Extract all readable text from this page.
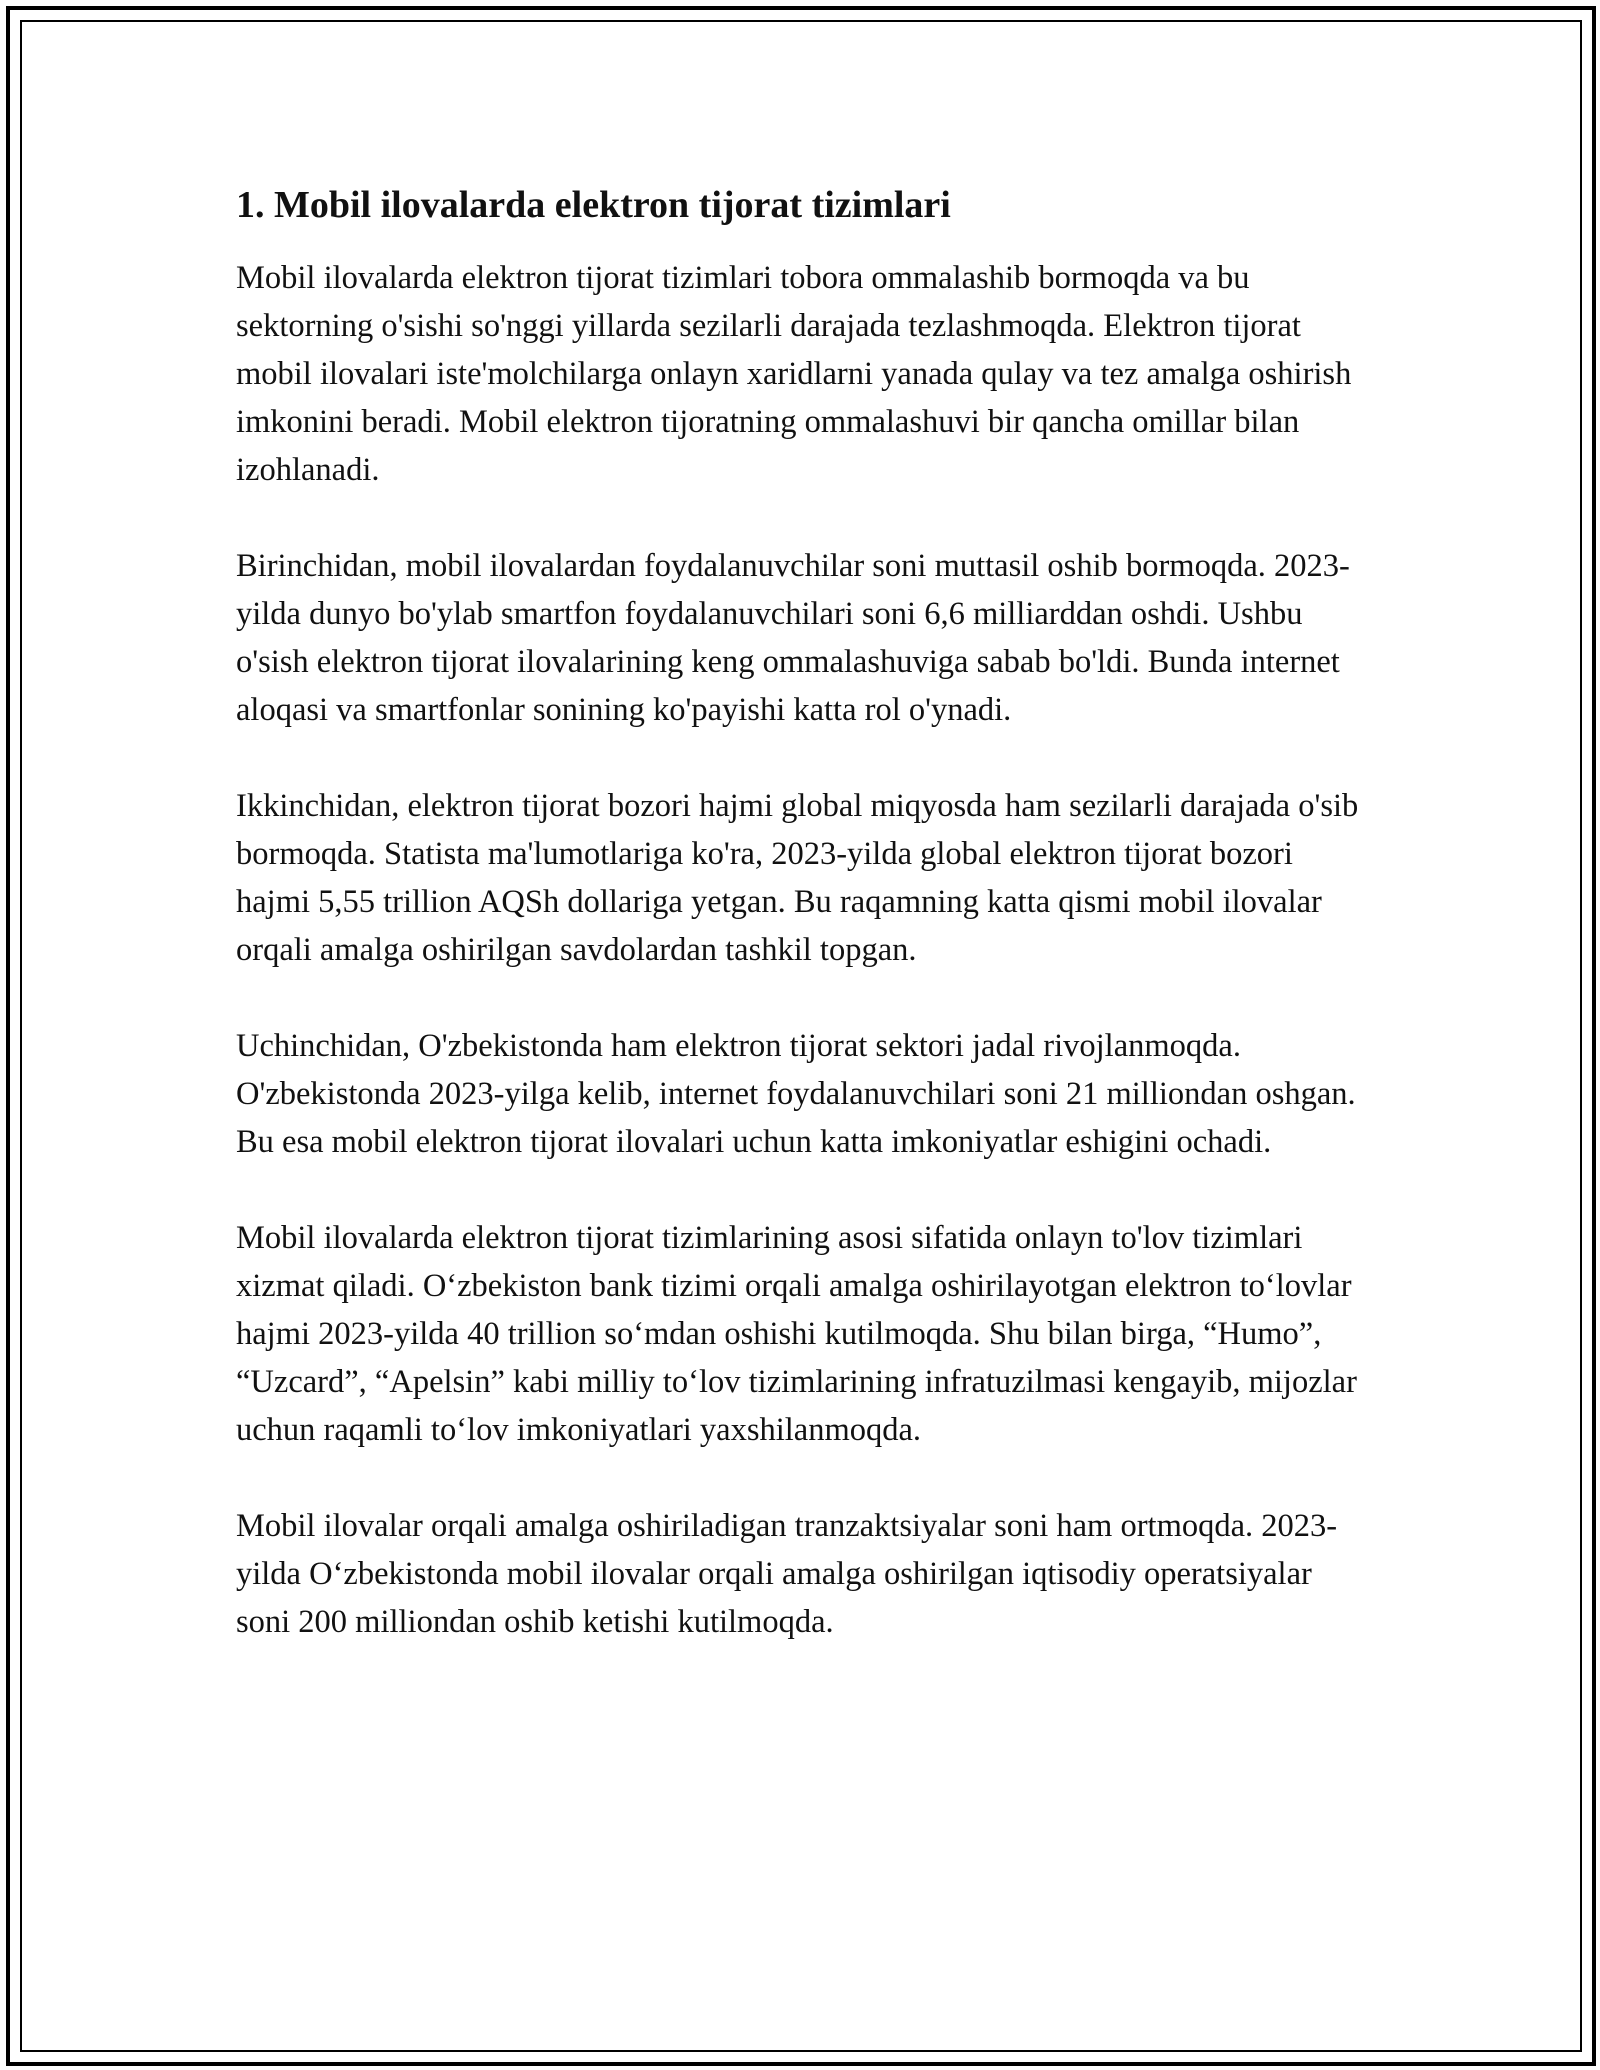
1. Mobil ilovalarda elektron tijorat tizimlari

Mobil ilovalarda elektron tijorat tizimlari tobora ommalashib bormoqda va bu sektorning o'sishi so'nggi yillarda sezilarli darajada tezlashmoqda. Elektron tijorat mobil ilovalari iste'molchilarga onlayn xaridlarni yanada qulay va tez amalga oshirish imkonini beradi. Mobil elektron tijoratning ommalashuvi bir qancha omillar bilan izohlanadi.

Birinchidan, mobil ilovalardan foydalanuvchilar soni muttasil oshib bormoqda. 2023-yilda dunyo bo'ylab smartfon foydalanuvchilari soni 6,6 milliarddan oshdi. Ushbu o'sish elektron tijorat ilovalarining keng ommalashuviga sabab bo'ldi. Bunda internet aloqasi va smartfonlar sonining ko'payishi katta rol o'ynadi.

Ikkinchidan, elektron tijorat bozori hajmi global miqyosda ham sezilarli darajada o'sib bormoqda. Statista ma'lumotlariga ko'ra, 2023-yilda global elektron tijorat bozori hajmi 5,55 trillion AQSh dollariga yetgan. Bu raqamning katta qismi mobil ilovalar orqali amalga oshirilgan savdolardan tashkil topgan.

Uchinchidan, O'zbekistonda ham elektron tijorat sektori jadal rivojlanmoqda. O'zbekistonda 2023-yilga kelib, internet foydalanuvchilari soni 21 milliondan oshgan. Bu esa mobil elektron tijorat ilovalari uchun katta imkoniyatlar eshigini ochadi.

Mobil ilovalarda elektron tijorat tizimlarining asosi sifatida onlayn to'lov tizimlari xizmat qiladi. O‘zbekiston bank tizimi orqali amalga oshirilayotgan elektron to‘lovlar hajmi 2023-yilda 40 trillion so‘mdan oshishi kutilmoqda. Shu bilan birga, “Humo”, “Uzcard”, “Apelsin” kabi milliy to‘lov tizimlarining infratuzilmasi kengayib, mijozlar uchun raqamli to‘lov imkoniyatlari yaxshilanmoqda.

Mobil ilovalar orqali amalga oshiriladigan tranzaktsiyalar soni ham ortmoqda. 2023-yilda O‘zbekistonda mobil ilovalar orqali amalga oshirilgan iqtisodiy operatsiyalar soni 200 milliondan oshib ketishi kutilmoqda.
